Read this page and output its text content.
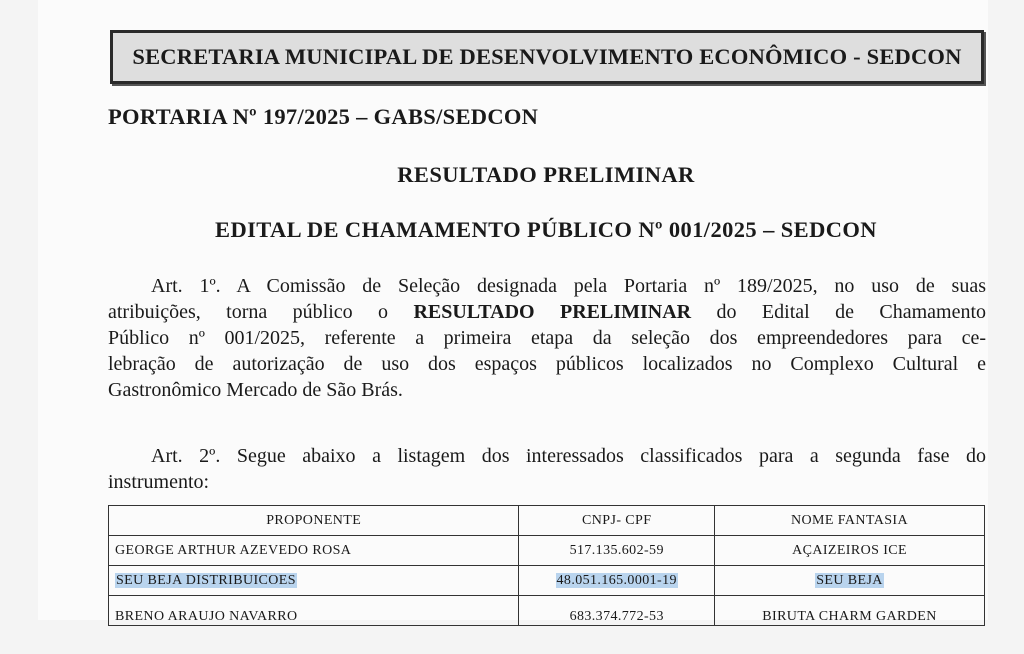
SECRETARIA MUNICIPAL DE DESENVOLVIMENTO ECONÔMICO - SEDCON
PORTARIA Nº 197/2025 – GABS/SEDCON
RESULTADO PRELIMINAR
EDITAL DE CHAMAMENTO PÚBLICO Nº 001/2025 – SEDCON
Art. 1º. A Comissão de Seleção designada pela Portaria nº 189/2025, no uso de suas
atribuições, torna público o RESULTADO PRELIMINAR do Edital de Chamamento
Público nº 001/2025, referente a primeira etapa da seleção dos empreendedores para ce-
lebração de autorização de uso dos espaços públicos localizados no Complexo Cultural e
Gastronômico Mercado de São Brás.
Art. 2º. Segue abaixo a listagem dos interessados classificados para a segunda fase do
instrumento:
PROPONENTE	CNPJ- CPF	NOME FANTASIA
GEORGE ARTHUR AZEVEDO ROSA	517.135.602-59	AÇAIZEIROS ICE
SEU BEJA DISTRIBUICOES	48.051.165.0001-19	SEU BEJA
BRENO ARAUJO NAVARRO	683.374.772-53	BIRUTA CHARM GARDEN
